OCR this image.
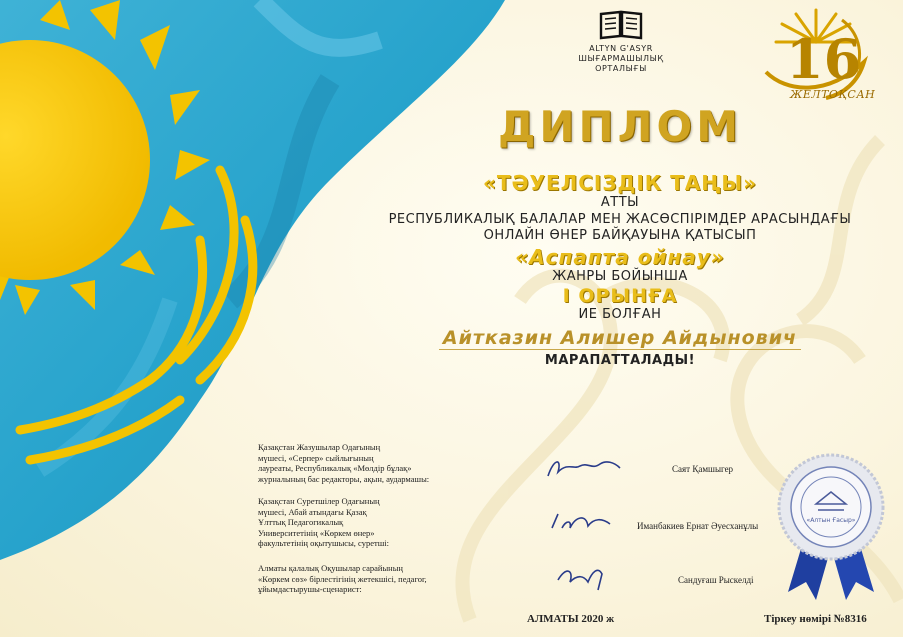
ALTYN G'ASYR
ШЫҒАРМАШЫЛЫҚ
ОРТАЛЫҒЫ	16
ЖЕЛТОҚСАН
ДИПЛОМ
«ТӘУЕЛСІЗДІК ТАҢЫ»
АТТЫ
РЕСПУБЛИКАЛЫҚ БАЛАЛАР МЕН ЖАСӨСПІРІМДЕР АРАСЫНДАҒЫ
ОНЛАЙН ӨНЕР БАЙҚАУЫНА ҚАТЫСЫП
«Аспапта ойнау»
ЖАНРЫ БОЙЫНША
І ОРЫНҒА
ИЕ БОЛҒАН
Айтказин Алишер Айдынович
МАРАПАТТАЛАДЫ!
Қазақстан Жазушылар Одағының
мүшесі, «Серпер» сыйлығының
лауреаты, Республикалық «Мөлдір бұлақ»
журналының бас редакторы, ақын, аудармашы:
Саят Қамшыгер
Қазақстан Суретшілер Одағының
мүшесі, Абай атындағы Қазақ
Ұлттық Педагогикалық
Университетінің «Көркем өнер»
факультетінің оқытушысы, суретші:
Иманбакиев Ернат Әуесханұлы
Алматы қалалық Оқушылар сарайының
«Көркем сөз» бірлестігінің жетекшісі, педагог,
ұйымдастырушы-сценарист:
Сандуғаш Рыскелді
«Алтын Ғасыр»
АЛМАТЫ 2020 ж	Тіркеу нөмірі №8316
